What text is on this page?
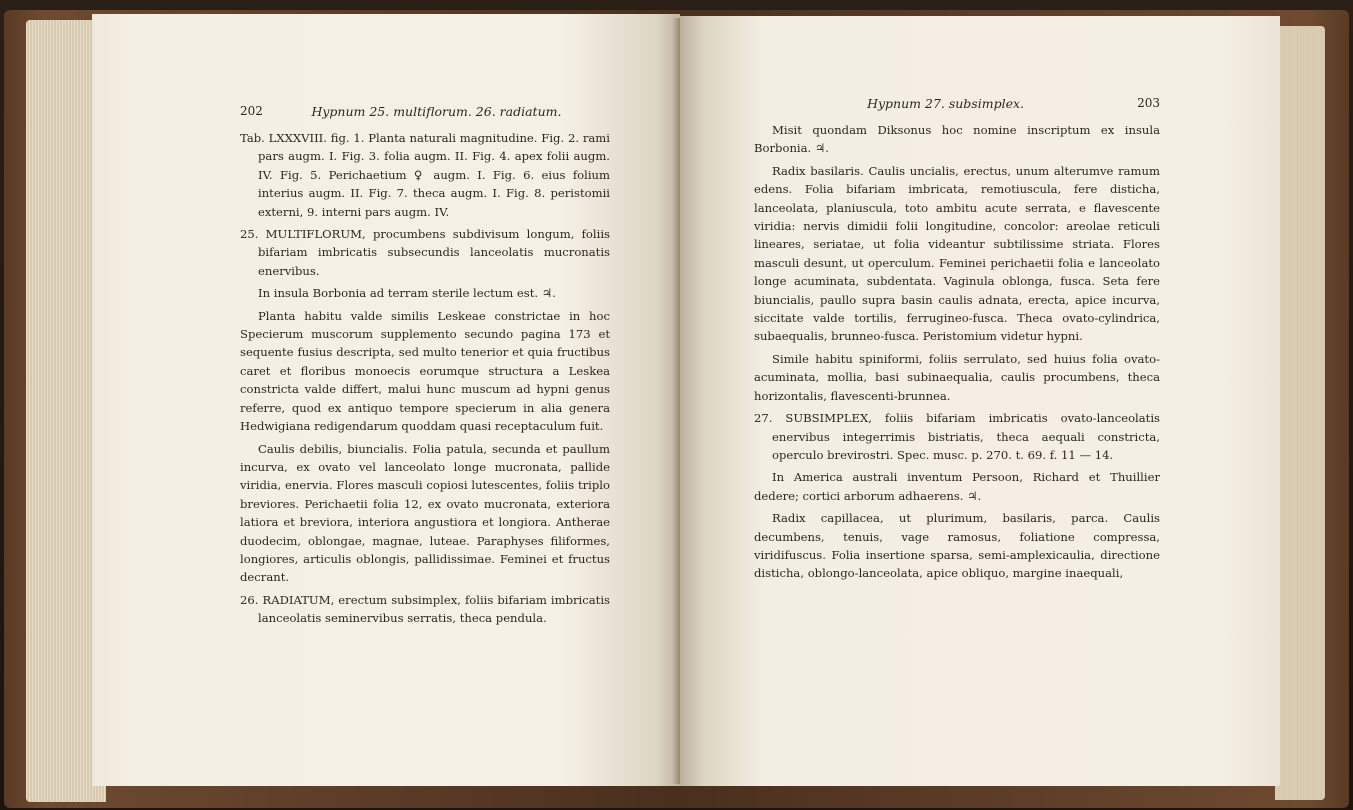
202	Hypnum 25. multiflorum. 26. radiatum.

Tab. LXXXVIII. fig. 1. Planta naturali magnitudine. Fig. 2. rami pars augm. I. Fig. 3. folia augm. II. Fig. 4. apex folii augm. IV. Fig. 5. Perichaetium ♀ augm. I. Fig. 6. eius folium interius augm. II. Fig. 7. theca augm. I. Fig. 8. peristomii externi, 9. interni pars augm. IV.

25. MULTIFLORUM, procumbens subdivisum longum, foliis bifariam imbricatis subsecundis lanceolatis mucronatis enervibus.

In insula Borbonia ad terram sterile lectum est. ♃.

Planta habitu valde similis Leskeae constrictae in hoc Specierum muscorum supplemento secundo pagina 173 et sequente fusius descripta, sed multo tenerior et quia fructibus caret et floribus monoecis eorumque structura a Leskea constricta valde differt, malui hunc muscum ad hypni genus referre, quod ex antiquo tempore specierum in alia genera Hedwigiana redigendarum quoddam quasi receptaculum fuit.

Caulis debilis, biuncialis. Folia patula, secunda et paullum incurva, ex ovato vel lanceolato longe mucronata, pallide viridia, enervia. Flores masculi copiosi lutescentes, foliis triplo breviores. Perichaetii folia 12, ex ovato mucronata, exteriora latiora et breviora, interiora angustiora et longiora. Antherae duodecim, oblongae, magnae, luteae. Paraphyses filiformes, longiores, articulis oblongis, pallidissimae. Feminei et fructus decrant.

26. RADIATUM, erectum subsimplex, foliis bifariam imbricatis lanceolatis seminervibus serratis, theca pendula.

Hypnum 27. subsimplex.	203

Misit quondam Diksonus hoc nomine inscriptum ex insula Borbonia. ♃.

Radix basilaris. Caulis uncialis, erectus, unum alterumve ramum edens. Folia bifariam imbricata, remotiuscula, fere disticha, lanceolata, planiuscula, toto ambitu acute serrata, e flavescente viridia: nervis dimidii folii longitudine, concolor: areolae reticuli lineares, seriatae, ut folia videantur subtilissime striata. Flores masculi desunt, ut operculum. Feminei perichaetii folia e lanceolato longe acuminata, subdentata. Vaginula oblonga, fusca. Seta fere biuncialis, paullo supra basin caulis adnata, erecta, apice incurva, siccitate valde tortilis, ferrugineo-fusca. Theca ovato-cylindrica, subaequalis, brunneo-fusca. Peristomium videtur hypni.

Simile habitu spiniformi, foliis serrulato, sed huius folia ovato-acuminata, mollia, basi subinaequalia, caulis procumbens, theca horizontalis, flavescenti-brunnea.

27. SUBSIMPLEX, foliis bifariam imbricatis ovato-lanceolatis enervibus integerrimis bistriatis, theca aequali constricta, operculo brevirostri. Spec. musc. p. 270. t. 69. f. 11 — 14.

In America australi inventum Persoon, Richard et Thuillier dedere; cortici arborum adhaerens. ♃.

Radix capillacea, ut plurimum, basilaris, parca. Caulis decumbens, tenuis, vage ramosus, foliatione compressa, viridifuscus. Folia insertione sparsa, semi-amplexicaulia, directione disticha, oblongo-lanceolata, apice obliquo, margine inaequali,
